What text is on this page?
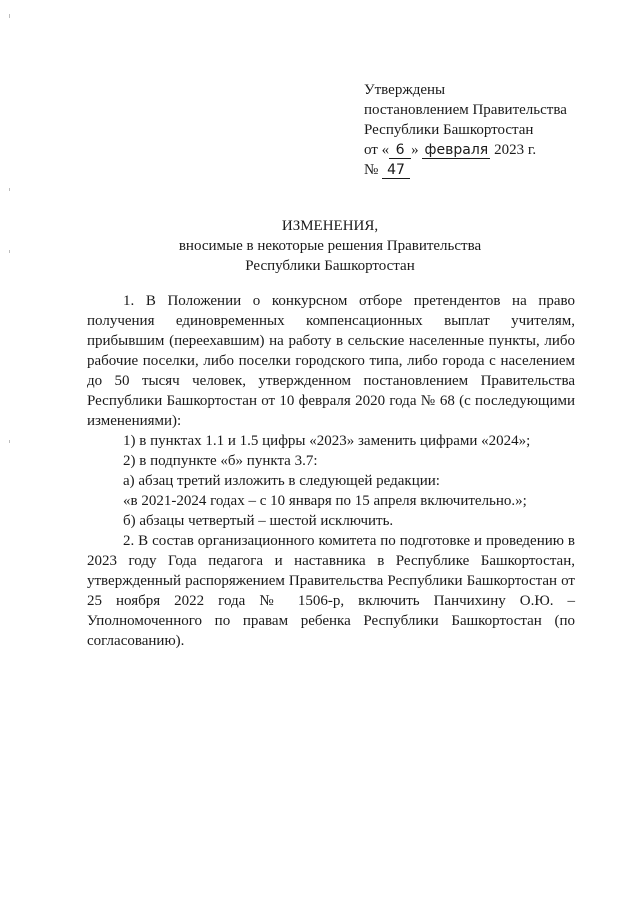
Утверждены
постановлением Правительства
Республики Башкортостан
от « 6 » февраля 2023 г.
№ 47
ИЗМЕНЕНИЯ,
вносимые в некоторые решения Правительства
Республики Башкортостан

1. В Положении о конкурсном отборе претендентов на право получения единовременных компенсационных выплат учителям, прибывшим (переехавшим) на работу в сельские населенные пункты, либо рабочие поселки, либо поселки городского типа, либо города с населением до 50 тысяч человек, утвержденном постановлением Правительства Республики Башкортостан от 10 февраля 2020 года № 68 (с последующими изменениями):

1) в пунктах 1.1 и 1.5 цифры «2023» заменить цифрами «2024»;

2) в подпункте «б» пункта 3.7:

а) абзац третий изложить в следующей редакции:

«в 2021-2024 годах – с 10 января по 15 апреля включительно.»;

б) абзацы четвертый – шестой исключить.

2. В состав организационного комитета по подготовке и проведению в 2023 году Года педагога и наставника в Республике Башкортостан, утвержденный распоряжением Правительства Республики Башкортостан от 25 ноября 2022 года № 1506-р, включить Панчихину О.Ю. – Уполномоченного по правам ребенка Республики Башкортостан (по согласованию).
